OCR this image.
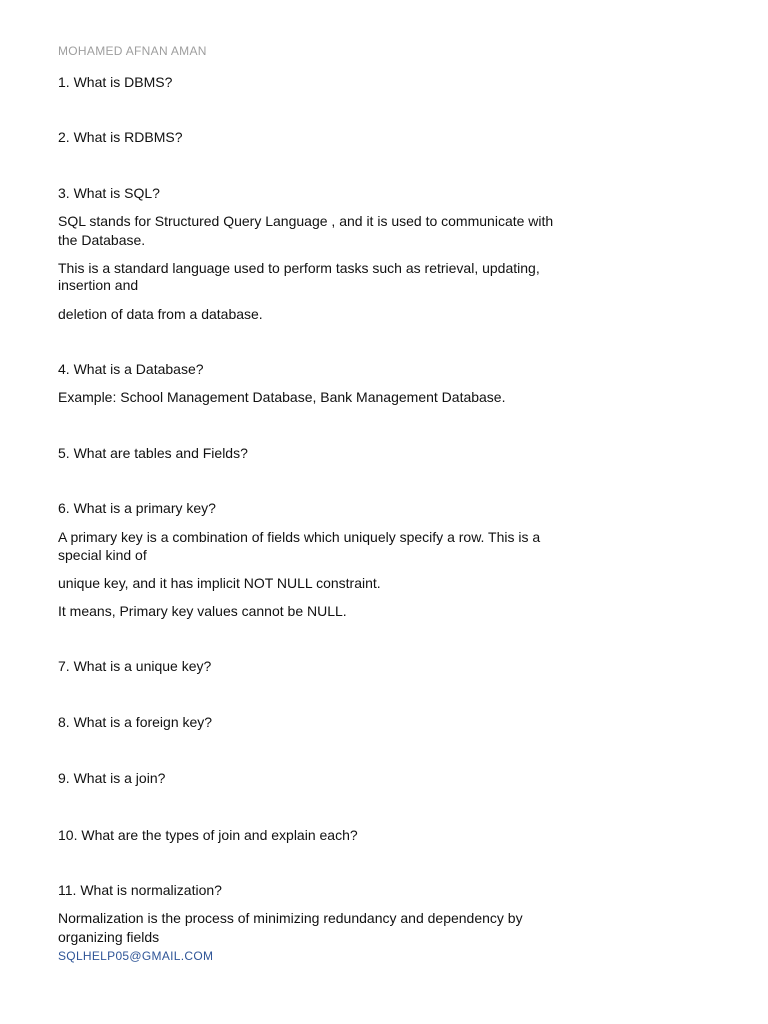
MOHAMED AFNAN AMAN
1. What is DBMS?
2. What is RDBMS?
3. What is SQL?
SQL stands for Structured Query Language , and it is used to communicate with
the Database.
This is a standard language used to perform tasks such as retrieval, updating,
insertion and
deletion of data from a database.
4. What is a Database?
Example: School Management Database, Bank Management Database.
5. What are tables and Fields?
6. What is a primary key?
A primary key is a combination of fields which uniquely specify a row. This is a
special kind of
unique key, and it has implicit NOT NULL constraint.
It means, Primary key values cannot be NULL.
7. What is a unique key?
8. What is a foreign key?
9. What is a join?
10. What are the types of join and explain each?
11. What is normalization?
Normalization is the process of minimizing redundancy and dependency by
organizing fields
SQLHELP05@GMAIL.COM
